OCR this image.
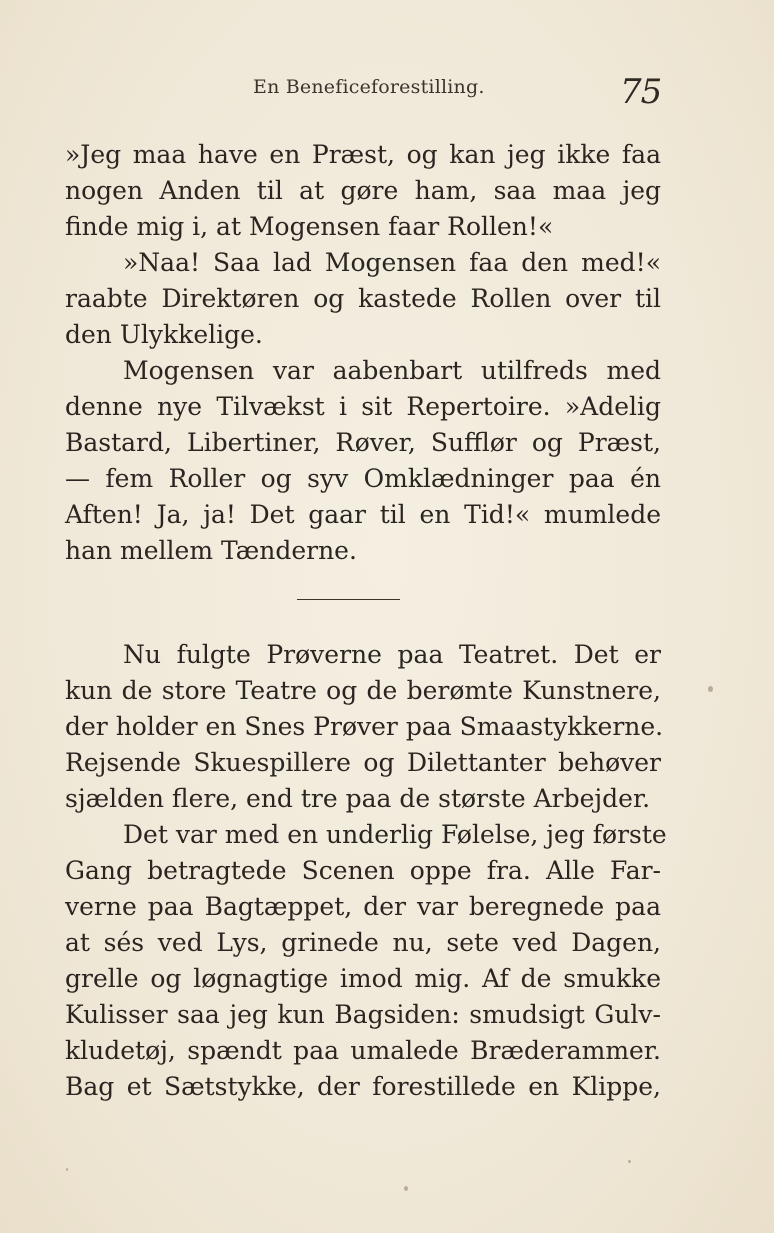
En Beneficeforestilling.	75
»Jeg maa have en Præst, og kan jeg ikke faa
nogen Anden til at gøre ham, saa maa jeg
finde mig i, at Mogensen faar Rollen!«
»Naa! Saa lad Mogensen faa den med!«
raabte Direktøren og kastede Rollen over til
den Ulykkelige.
Mogensen var aabenbart utilfreds med
denne nye Tilvækst i sit Repertoire. »Adelig
Bastard, Libertiner, Røver, Sufflør og Præst,
— fem Roller og syv Omklædninger paa én
Aften! Ja, ja! Det gaar til en Tid!« mumlede
han mellem Tænderne.
Nu fulgte Prøverne paa Teatret. Det er
kun de store Teatre og de berømte Kunstnere,
der holder en Snes Prøver paa Smaastykkerne.
Rejsende Skuespillere og Dilettanter behøver
sjælden flere, end tre paa de største Arbejder.
Det var med en underlig Følelse, jeg første
Gang betragtede Scenen oppe fra. Alle Far-
verne paa Bagtæppet, der var beregnede paa
at sés ved Lys, grinede nu, sete ved Dagen,
grelle og løgnagtige imod mig. Af de smukke
Kulisser saa jeg kun Bagsiden: smudsigt Gulv-
kludetøj, spændt paa umalede Bræderammer.
Bag et Sætstykke, der forestillede en Klippe,
